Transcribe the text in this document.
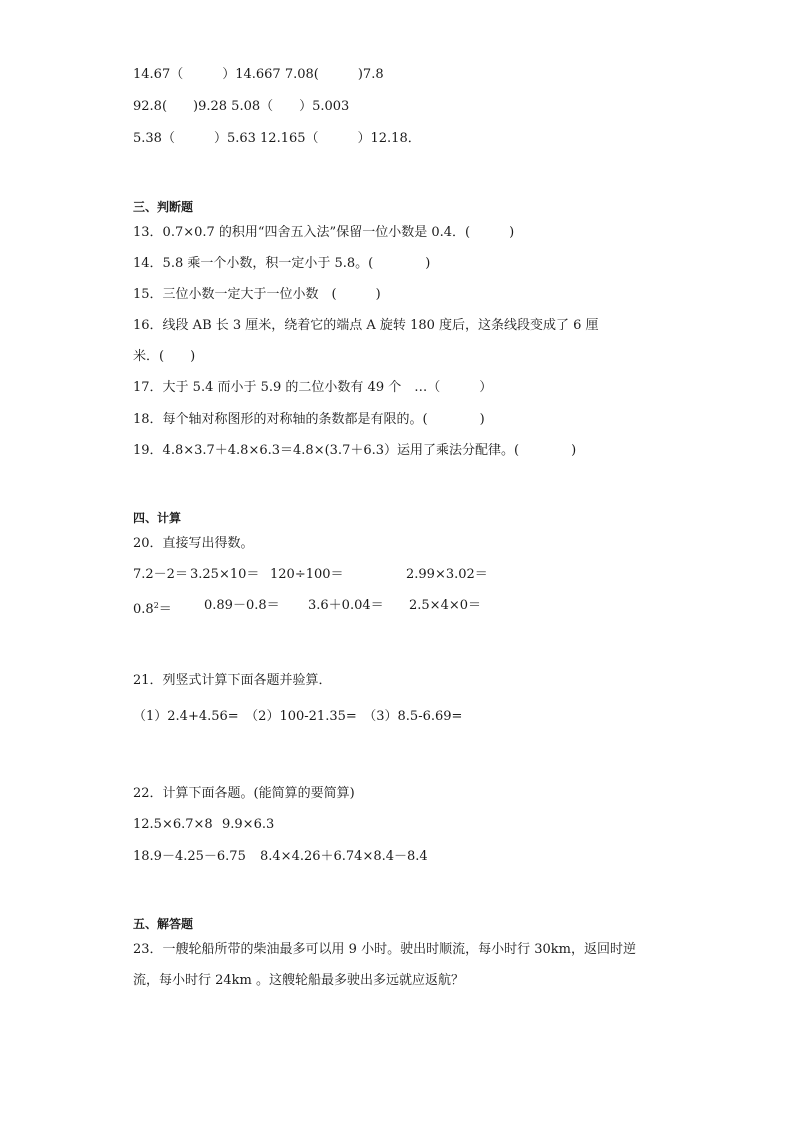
14.67（　　　）14.667 7.08(　　　)7.8
92.8(　　)9.28 5.08（　　）5.003
5.38（　　　）5.63 12.165（　　　）12.18．
三、判断题
13．0.7×0.7 的积用“四舍五入法”保留一位小数是 0.4．(　　　)
14．5.8 乘一个小数，积一定小于 5.8。(　　　　)
15．三位小数一定大于一位小数　(　　　)
16．线段 AB 长 3 厘米，绕着它的端点 A 旋转 180 度后，这条线段变成了 6 厘
米．(　　)
17．大于 5.4 而小于 5.9 的二位小数有 49 个　…（　　　）
18．每个轴对称图形的对称轴的条数都是有限的。(　　　　)
19．4.8×3.7＋4.8×6.3＝4.8×(3.7＋6.3）运用了乘法分配律。(　　　　)
四、计算
20．直接写出得数。
7.2－2＝ 3.25×10＝ 120÷100＝	2.99×3.02＝
$0.8^2= 0.89-0.8= 3.6+0.04= 2.5\times 4\times 0=$
21．列竖式计算下面各题并验算．
（1）2.4+4.56=　（2）100-21.35=　（3）8.5-6.69=
22．计算下面各题。(能简算的要简算)
12.5×6.7×8 9.9×6.3
18.9－4.25－6.75 8.4×4.26＋6.74×8.4－8.4
五、解答题
23．一艘轮船所带的柴油最多可以用 9 小时。驶出时顺流，每小时行 30km，返回时逆
流，每小时行 24km 。这艘轮船最多驶出多远就应返航？
